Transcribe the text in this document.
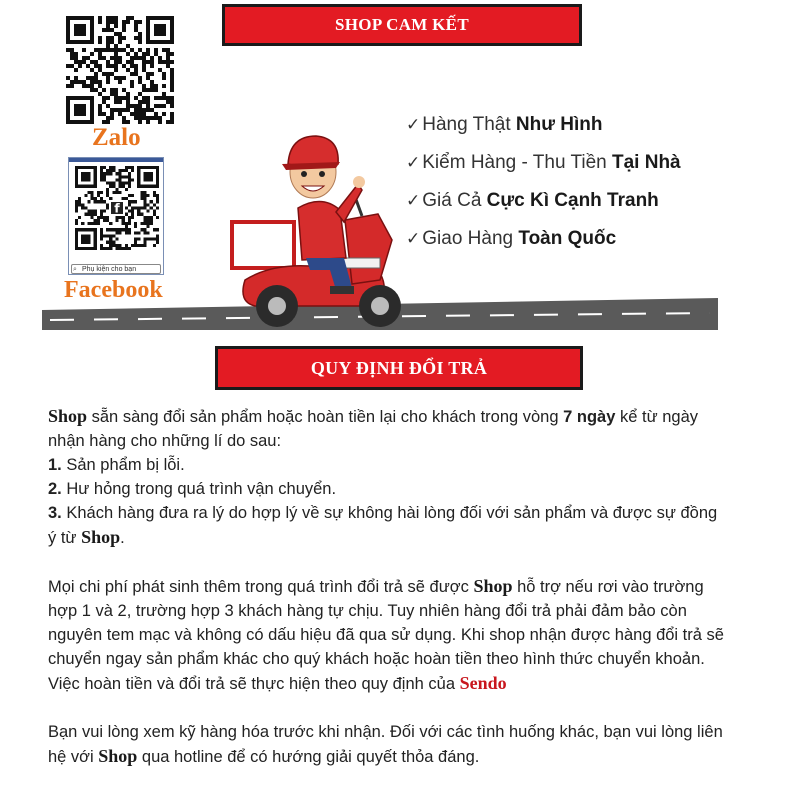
SHOP CAM KẾT
Zalo
f
⌕ Phụ kiện cho bạn
Facebook
✓ Hàng Thật Như Hình
✓ Kiểm Hàng - Thu Tiền Tại Nhà
✓ Giá Cả Cực Kì Cạnh Tranh
✓ Giao Hàng Toàn Quốc
QUY ĐỊNH ĐỔI TRẢ

Shop sẵn sàng đổi sản phẩm hoặc hoàn tiền lại cho khách trong vòng 7 ngày kể từ ngày nhận hàng cho những lí do sau:

1. Sản phẩm bị lỗi.

2. Hư hỏng trong quá trình vận chuyển.

3. Khách hàng đưa ra lý do hợp lý về sự không hài lòng đối với sản phẩm và được sự đồng ý từ Shop.

Mọi chi phí phát sinh thêm trong quá trình đổi trả sẽ được Shop hỗ trợ nếu rơi vào trường hợp 1 và 2, trường hợp 3 khách hàng tự chịu. Tuy nhiên hàng đổi trả phải đảm bảo còn nguyên tem mạc và không có dấu hiệu đã qua sử dụng. Khi shop nhận được hàng đổi trả sẽ chuyển ngay sản phẩm khác cho quý khách hoặc hoàn tiền theo hình thức chuyển khoản. Việc hoàn tiền và đổi trả sẽ thực hiện theo quy định của Sendo

Bạn vui lòng xem kỹ hàng hóa trước khi nhận. Đối với các tình huống khác, bạn vui lòng liên hệ với Shop qua hotline để có hướng giải quyết thỏa đáng.
